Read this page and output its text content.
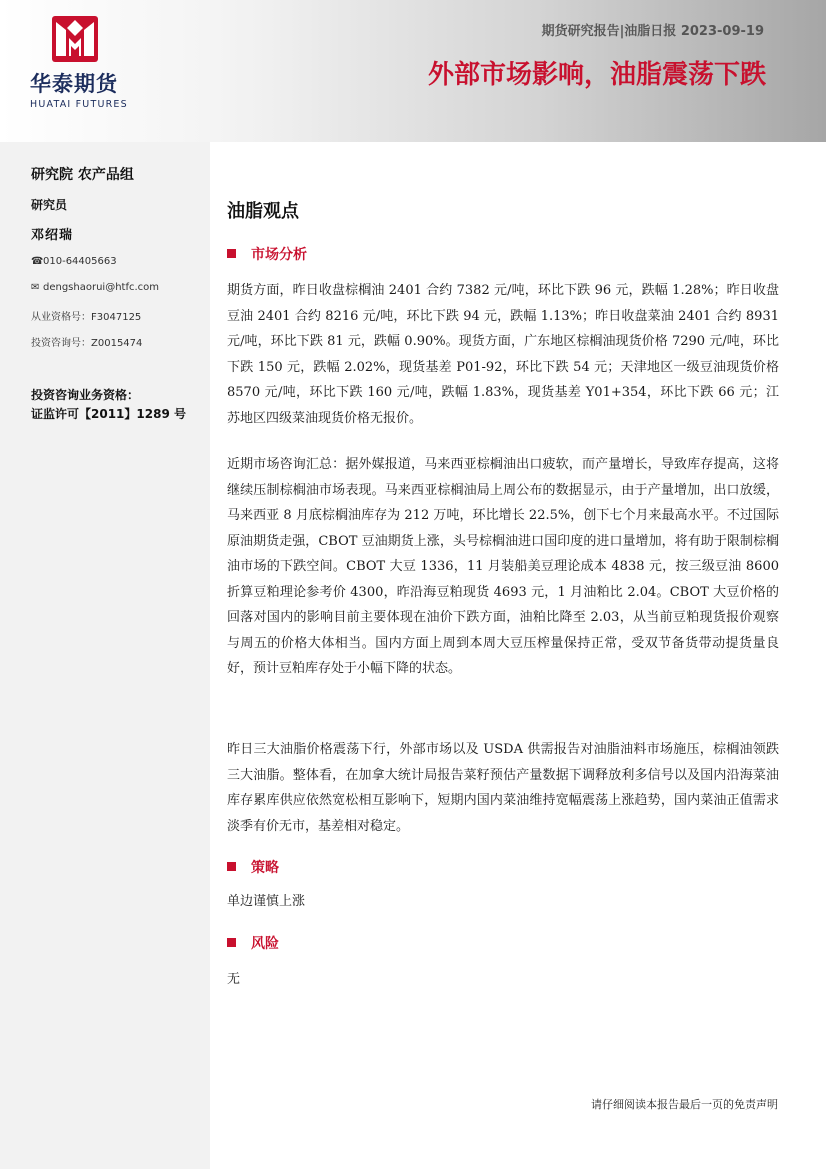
华泰期货
HUATAI FUTURES
期货研究报告|油脂日报 2023-09-19
外部市场影响，油脂震荡下跌
研究院 农产品组
研究员
邓绍瑞
☎010-64405663
✉ dengshaorui@htfc.com
从业资格号：F3047125
投资咨询号：Z0015474
投资咨询业务资格：
证监许可【2011】1289 号
油脂观点
市场分析

期货方面，昨日收盘棕榈油 2401 合约 7382 元/吨，环比下跌 96 元，跌幅 1.28%；昨日收盘豆油 2401 合约 8216 元/吨，环比下跌 94 元，跌幅 1.13%；昨日收盘菜油 2401 合约 8931 元/吨，环比下跌 81 元，跌幅 0.90%。现货方面，广东地区棕榈油现货价格 7290 元/吨，环比下跌 150 元，跌幅 2.02%，现货基差 P01-92，环比下跌 54 元；天津地区一级豆油现货价格 8570 元/吨，环比下跌 160 元/吨，跌幅 1.83%，现货基差 Y01+354，环比下跌 66 元；江苏地区四级菜油现货价格无报价。

近期市场咨询汇总：据外媒报道，马来西亚棕榈油出口疲软，而产量增长，导致库存提高，这将继续压制棕榈油市场表现。马来西亚棕榈油局上周公布的数据显示，由于产量增加，出口放缓，马来西亚 8 月底棕榈油库存为 212 万吨，环比增长 22.5%，创下七个月来最高水平。不过国际原油期货走强，CBOT 豆油期货上涨，头号棕榈油进口国印度的进口量增加，将有助于限制棕榈油市场的下跌空间。CBOT 大豆 1336，11 月装船美豆理论成本 4838 元，按三级豆油 8600 折算豆粕理论参考价 4300，昨沿海豆粕现货 4693 元，1 月油粕比 2.04。CBOT 大豆价格的回落对国内的影响目前主要体现在油价下跌方面，油粕比降至 2.03，从当前豆粕现货报价观察与周五的价格大体相当。国内方面上周到本周大豆压榨量保持正常，受双节备货带动提货量良好，预计豆粕库存处于小幅下降的状态。

昨日三大油脂价格震荡下行，外部市场以及 USDA 供需报告对油脂油料市场施压，棕榈油领跌三大油脂。整体看，在加拿大统计局报告菜籽预估产量数据下调释放利多信号以及国内沿海菜油库存累库供应依然宽松相互影响下，短期内国内菜油维持宽幅震荡上涨趋势，国内菜油正值需求淡季有价无市，基差相对稳定。

策略

单边谨慎上涨

风险

无

请仔细阅读本报告最后一页的免责声明
